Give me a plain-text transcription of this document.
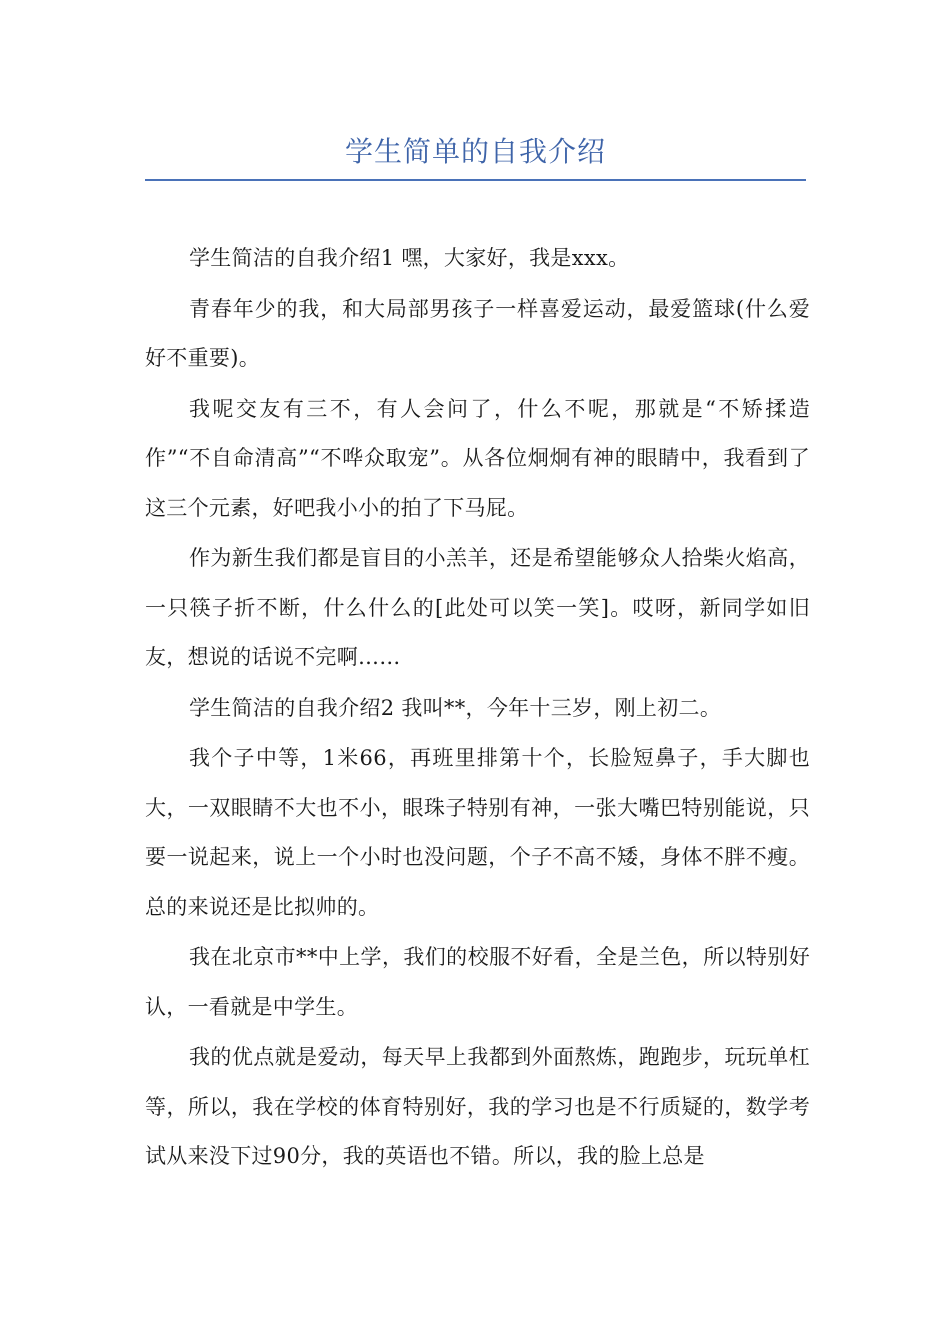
学生简单的自我介绍

学生简洁的自我介绍1 嘿，大家好，我是xxx。

青春年少的我，和大局部男孩子一样喜爱运动，最爱篮球(什么爱好不重要)。

我呢交友有三不，有人会问了，什么不呢，那就是“不矫揉造作”“不自命清高”“不哗众取宠”。从各位炯炯有神的眼睛中，我看到了这三个元素，好吧我小小的拍了下马屁。

作为新生我们都是盲目的小羔羊，还是希望能够众人拾柴火焰高，一只筷子折不断，什么什么的[此处可以笑一笑]。哎呀，新同学如旧友，想说的话说不完啊……

学生简洁的自我介绍2 我叫**，今年十三岁，刚上初二。

我个子中等，1米66，再班里排第十个，长脸短鼻子，手大脚也大，一双眼睛不大也不小，眼珠子特别有神，一张大嘴巴特别能说，只要一说起来，说上一个小时也没问题，个子不高不矮，身体不胖不瘦。总的来说还是比拟帅的。

我在北京市**中上学，我们的校服不好看，全是兰色，所以特别好认，一看就是中学生。

我的优点就是爱动，每天早上我都到外面熬炼，跑跑步，玩玩单杠等，所以，我在学校的体育特别好，我的学习也是不行质疑的，数学考试从来没下过90分，我的英语也不错。所以，我的脸上总是
